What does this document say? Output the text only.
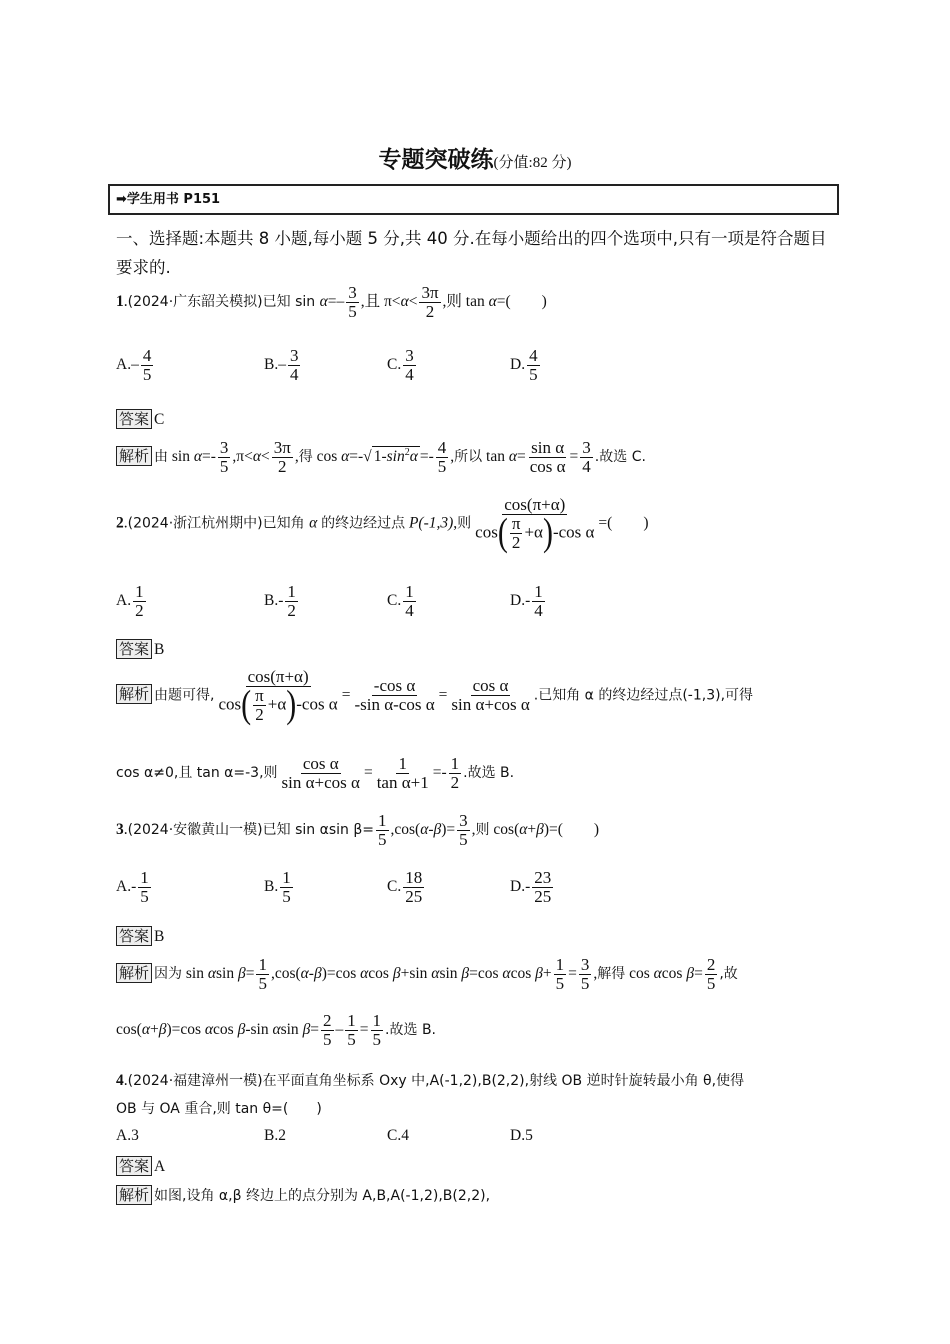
专题突破练(分值:82 分)
➡学生用书 P151
一、选择题:本题共 8 小题,每小题 5 分,共 40 分.在每小题给出的四个选项中,只有一项是符合题目要求的.
1.(2024·广东韶关模拟)已知 $\sin \alpha=- \frac{3}{5}$ ,且 $\pi<\alpha< \frac{3\pi}{2}$ ,则 tan α=(　　)
$A.- \frac{4}{5}$	$B.- \frac{3}{4}$	C. $\frac{3}{4}$	D. $\frac{4}{5}$
答案 C
解析 由 $\sin \alpha=- \frac{3}{5} ,\pi<\alpha< \frac{3\pi}{2}$ ,得 cos α=-√ $1-\sin^2\alpha =- \frac{4}{5}$ ,所以 $\tan \alpha= \frac{\text{sin α}}{\text{cos α}} = \frac{3}{4}$ .故选 C.
2.(2024·浙江杭州期中)已知角 α 的终边经过点 P(-1,3),则 $\frac{\cos(\pi+\alpha)}{\cos( \frac{\pi}{2} +\alpha)-\cos \alpha}$ =(　　)
A. $\frac{1}{2}$	$B.- \frac{1}{2}$	C. $\frac{1}{4}$	$D.- \frac{1}{4}$
答案 B
解析 由题可得, $\frac{\cos(\pi+\alpha)}{\cos( \frac{\pi}{2} +\alpha)-\cos \alpha} = \frac{\text{-cos α}}{\text{-sin α-cos α}} = \frac{\text{cos α}}{\text{sin α+cos α}}$ .已知角 α 的终边经过点(-1,3),可得
cos α≠0,且 tan α=-3,则 $\frac{\text{cos α}}{\text{sin α+cos α}} = \frac{1}{\text{tan α+1}} =- \frac{1}{2}$ .故选 B.
3.(2024·安徽黄山一模)已知 sin αsin $\beta= \frac{1}{5} ,\cos(\alpha-\beta)= \frac{3}{5}$ ,则 cos(α+β)=(　　)
$A.- \frac{1}{5}$	B. $\frac{1}{5}$	C. $\frac{18}{25}$	$D.- \frac{23}{25}$
答案 B
解析 因为 sin αsin $\beta= \frac{1}{5} ,\cos(\alpha-\beta)=\cos$ αcos β+sin αsin β=cos αcos $\beta+ \frac{1}{5} = \frac{3}{5}$ ,解得 cos αcos $\beta= \frac{2}{5}$ ,故
cos(α+β)=cos αcos β-sin αsin $\beta= \frac{2}{5} - \frac{1}{5} = \frac{1}{5}$ .故选 B.
4.(2024·福建漳州一模)在平面直角坐标系 Oxy 中,A(-1,2),B(2,2),射线 OB 逆时针旋转最小角 θ,使得
OB 与 OA 重合,则 tan θ=(　　)
A.3	B.2	C.4	D.5
答案 A
解析 如图,设角 α,β 终边上的点分别为 A,B,A(-1,2),B(2,2),
